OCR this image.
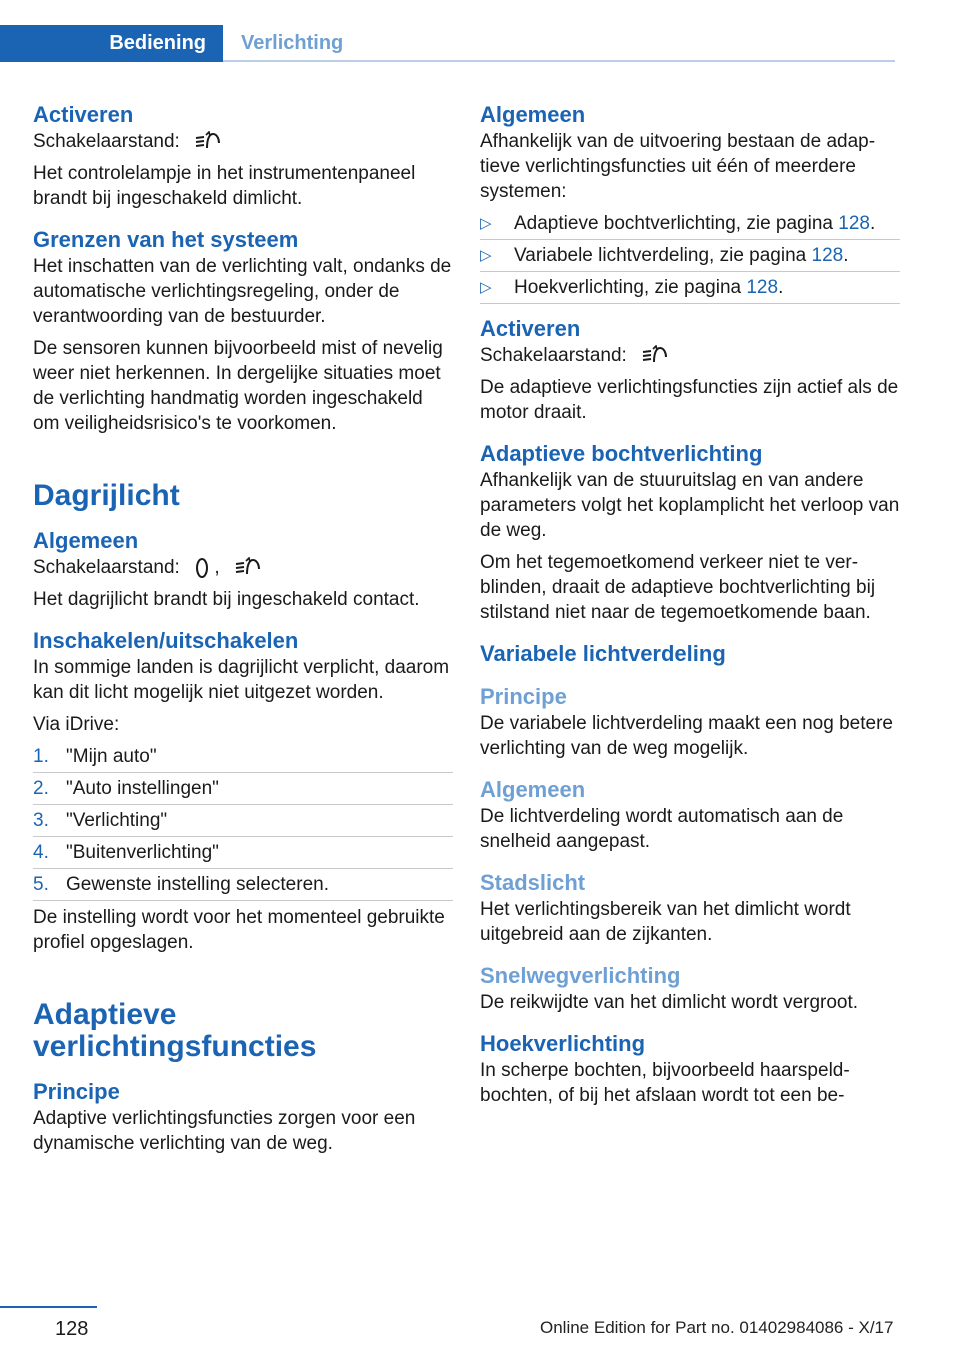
Bediening	Verlichting
Activeren

Schakelaarstand:

Het controlelampje in het instrumentenpaneel brandt bij ingeschakeld dimlicht.

Grenzen van het systeem

Het inschatten van de verlichting valt, ondanks de automatische verlichtingsregeling, onder de verantwoording van de bestuurder.

De sensoren kunnen bijvoorbeeld mist of nevelig weer niet herkennen. In dergelijke situaties moet de verlichting handmatig worden ingeschakeld om veiligheidsrisico's te voorkomen.

Dagrijlicht
Algemeen

Schakelaarstand: ,

Het dagrijlicht brandt bij ingeschakeld contact.

Inschakelen/uitschakelen

In sommige landen is dagrijlicht verplicht, daarom kan dit licht mogelijk niet uitgezet worden.

Via iDrive:

1. "Mijn auto"
2. "Auto instellingen"
3. "Verlichting"
4. "Buitenverlichting"
5. Gewenste instelling selecteren.

De instelling wordt voor het momenteel gebruikte profiel opgeslagen.

Adaptieve
verlichtingsfuncties
Principe

Adaptive verlichtingsfuncties zorgen voor een dynamische verlichting van de weg.

Algemeen

Afhankelijk van de uitvoering bestaan de adaptieve verlichtingsfuncties uit één of meerdere systemen:

▷ Adaptieve bochtverlichting, zie pagina 128.
▷ Variabele lichtverdeling, zie pagina 128.
▷ Hoekverlichting, zie pagina 128.
Activeren

Schakelaarstand:

De adaptieve verlichtingsfuncties zijn actief als de motor draait.

Adaptieve bochtverlichting

Afhankelijk van de stuuruitslag en van andere parameters volgt het koplamplicht het verloop van de weg.

Om het tegemoetkomend verkeer niet te verblinden, draait de adaptieve bochtverlichting bij stilstand niet naar de tegemoetkomende baan.

Variabele lichtverdeling
Principe

De variabele lichtverdeling maakt een nog betere verlichting van de weg mogelijk.

Algemeen

De lichtverdeling wordt automatisch aan de snelheid aangepast.

Stadslicht

Het verlichtingsbereik van het dimlicht wordt uitgebreid aan de zijkanten.

Snelwegverlichting

De reikwijdte van het dimlicht wordt vergroot.

Hoekverlichting

In scherpe bochten, bijvoorbeeld haarspeldbochten, of bij het afslaan wordt tot een be-

128	Online Edition for Part no. 01402984086 - X/17
